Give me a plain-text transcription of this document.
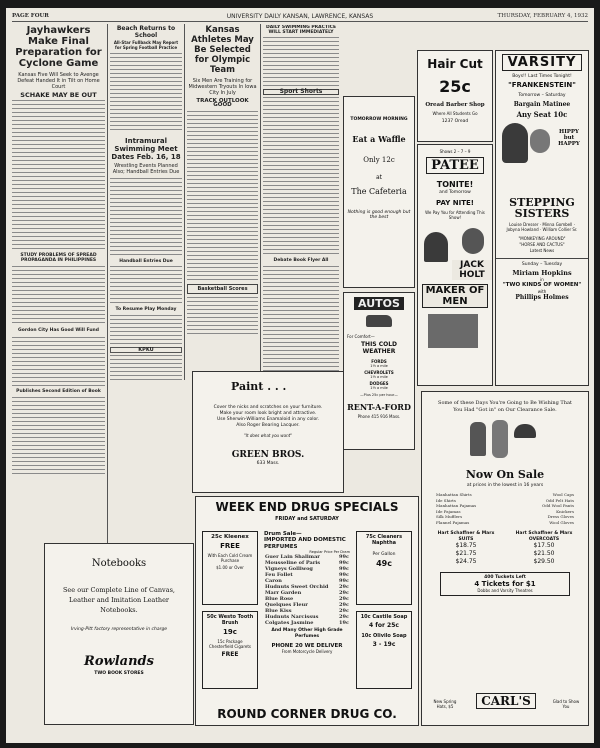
PAGE FOUR	UNIVERSITY DAILY KANSAN, LAWRENCE, KANSAS	THURSDAY, FEBRUARY 4, 1932
Jayhawkers Make Final Preparation for Cyclone Game
Kansas Five Will Seek to Avenge Defeat Handed It in Tilt on Home Court
SCHAKE MAY BE OUT
STUDY PROBLEMS OF SPREAD PROPAGANDA IN PHILIPPINES
Gordon City Has Good Will Fund
Publishes Second Edition of Book
Beach Returns to School
All-Star Fullback May Report for Spring Football Practice
Intramural Swimming Meet Dates Feb. 16, 18
Wrestling Events Planned Also; Handball Entries Due
Handball Entries Due
To Resume Play Monday
KPKU
Kansas Athletes May Be Selected for Olympic Team
Six Men Are Training for Midwestern Tryouts In Iowa City In July
TRACK OUTLOOK GOOD
Basketball Scores
DAILY SWIMMING PRACTICE WILL START IMMEDIATELY
Sport Shorts
Debate Book Flyer All
TOMORROW MORNING
Eat a Waffle
Only 12c
at
The Cafeteria
Nothing is good enough but the best
AUTOS
For Comfort—
THIS COLD WEATHER
FORDS
1½ a mile
CHEVROLETS
1½ a mile
DODGES
1½ a mile
—Plus 25c per hour—
RENT-A-FORD
Phone 415 916 Mass.
Hair Cut
25c
Oread Barber Shop
Where All Students Go
1237 Oread
Shows 2 – 7 – 9
PATEE
TONITE!
and Tomorrow
PAY NITE!
We Pay You for Attending This Show!
JACK HOLT
MAKER OF MEN
VARSITY
Boys!! Last Times Tonight!
"FRANKENSTEIN"
Tomorrow – Saturday
Bargain Matinee
Any Seat 10c
HIPPY but HAPPY
STEPPING SISTERS
Louise Dresser · Minna Gombell · Jobyna Howland · William Collier Sr.
"MONKEYING AROUND"
"HORSE AND CACTUS"
Latest News
Sunday – Tuesday
Miriam Hopkins
in
"TWO KINDS OF WOMEN"
with
Phillips Holmes
Paint . . .
Cover the nicks and scratches on your furniture.
Make your room look bright and attractive.
Use Sherwin-Williams Enamaloid in any color.
Also Roger Bearing Lacquer.
"It does what you want"
GREEN BROS.
633 Mass.
Notebooks
See our Complete Line of Canvas, Leather and Imitation Leather Notebooks.
Irving-Pitt factory representative in charge
Rowlands
TWO BOOK STORES
WEEK END DRUG SPECIALS
FRIDAY and SATURDAY
25c Kleenex
FREE
With Each Cold Cream Purchase
$1.00 or Over
50c Westo Tooth Brush
19c
15c Package Chesterfield Cigarets
FREE
Drum Sale—
IMPORTED AND DOMESTIC PERFUMES
Regular Price Per Dram
Guer Lain Shalimar	99c
Mousseline of Paris	99c
Vigneys Golliwog	99c
Feu Follet	99c
Caron	99c
Hudnuts Sweet Orchid	29c
Marr Garden	29c
Blue Rose	29c
Quelques Fleur	29c
Blue Kiss	29c
Hudnuts Narcissus	29c
Colgates Jasmine	19c
And Many Other High Grade Perfumes
PHONE 20 WE DELIVER
From Motorcycle Delivery
75c Cleaners Naphtha
Per Gallon
49c
10c Castile Soap
4 for 25c
10c Olivilo Soap
3 - 19c
ROUND CORNER DRUG CO.
Some of these Days You're Going to Be Wishing That You Had "Got in" on Our Clearance Sale.
Now On Sale
at prices in the lowest in 16 years
Manhattan Shirts
Ide Shirts
Manhattan Pajamas
Ide Pajamas
Silk Mufflers
Flannel Pajamas
Wool Caps
Odd Felt Hats
Odd Wool Pants
Knickers
Dress Gloves
Wool Gloves
Hart Schaffner & Marx SUITS
$18.75
$21.75
$24.75
Hart Schaffner & Marx OVERCOATS
$17.50
$21.50
$29.50
400 Tuckets Left
4 Tickets for $1
Dobbs and Varsity Theatres
New Spring Hats, $5	CARL'S	Glad to Show You
